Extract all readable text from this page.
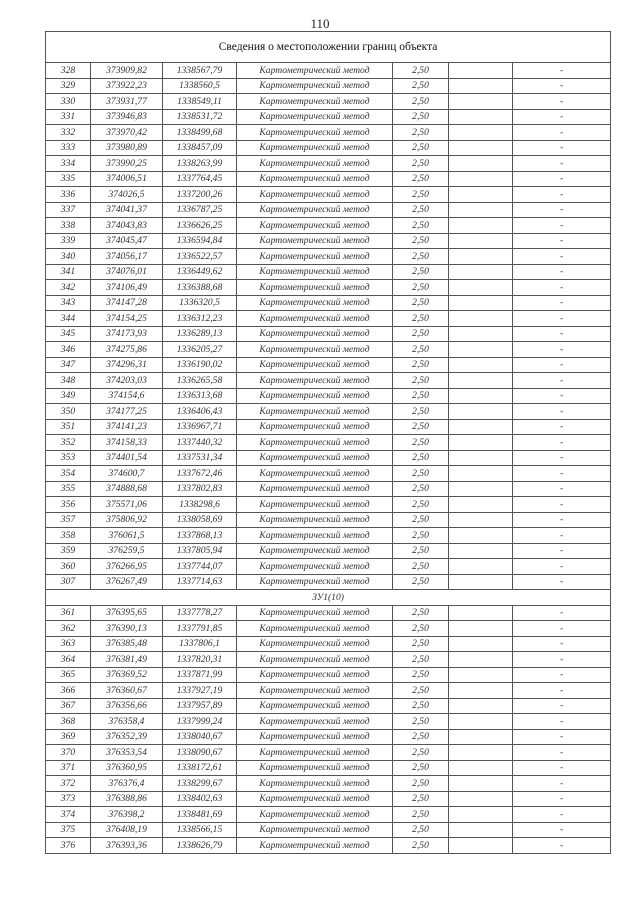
110
Сведения о местоположении границ объекта						
328	373909,82	1338567,79	Картометрический метод	2,50		-
329	373922,23	1338560,5	Картометрический метод	2,50		-
330	373931,77	1338549,11	Картометрический метод	2,50		-
331	373946,83	1338531,72	Картометрический метод	2,50		-
332	373970,42	1338499,68	Картометрический метод	2,50		-
333	373980,89	1338457,09	Картометрический метод	2,50		-
334	373990,25	1338263,99	Картометрический метод	2,50		-
335	374006,51	1337764,45	Картометрический метод	2,50		-
336	374026,5	1337200,26	Картометрический метод	2,50		-
337	374041,37	1336787,25	Картометрический метод	2,50		-
338	374043,83	1336626,25	Картометрический метод	2,50		-
339	374045,47	1336594,84	Картометрический метод	2,50		-
340	374056,17	1336522,57	Картометрический метод	2,50		-
341	374076,01	1336449,62	Картометрический метод	2,50		-
342	374106,49	1336388,68	Картометрический метод	2,50		-
343	374147,28	1336320,5	Картометрический метод	2,50		-
344	374154,25	1336312,23	Картометрический метод	2,50		-
345	374173,93	1336289,13	Картометрический метод	2,50		-
346	374275,86	1336205,27	Картометрический метод	2,50		-
347	374296,31	1336190,02	Картометрический метод	2,50		-
348	374203,03	1336265,58	Картометрический метод	2,50		-
349	374154,6	1336313,68	Картометрический метод	2,50		-
350	374177,25	1336406,43	Картометрический метод	2,50		-
351	374141,23	1336967,71	Картометрический метод	2,50		-
352	374158,33	1337440,32	Картометрический метод	2,50		-
353	374401,54	1337531,34	Картометрический метод	2,50		-
354	374600,7	1337672,46	Картометрический метод	2,50		-
355	374888,68	1337802,83	Картометрический метод	2,50		-
356	375571,06	1338298,6	Картометрический метод	2,50		-
357	375806,92	1338058,69	Картометрический метод	2,50		-
358	376061,5	1337868,13	Картометрический метод	2,50		-
359	376259,5	1337805,94	Картометрический метод	2,50		-
360	376266,95	1337744,07	Картометрический метод	2,50		-
307	376267,49	1337714,63	Картометрический метод	2,50		-
ЗУ1(10)						
361	376395,65	1337778,27	Картометрический метод	2,50		-
362	376390,13	1337791,85	Картометрический метод	2,50		-
363	376385,48	1337806,1	Картометрический метод	2,50		-
364	376381,49	1337820,31	Картометрический метод	2,50		-
365	376369,52	1337871,99	Картометрический метод	2,50		-
366	376360,67	1337927,19	Картометрический метод	2,50		-
367	376356,66	1337957,89	Картометрический метод	2,50		-
368	376358,4	1337999,24	Картометрический метод	2,50		-
369	376352,39	1338040,67	Картометрический метод	2,50		-
370	376353,54	1338090,67	Картометрический метод	2,50		-
371	376360,95	1338172,61	Картометрический метод	2,50		-
372	376376,4	1338299,67	Картометрический метод	2,50		-
373	376388,86	1338402,63	Картометрический метод	2,50		-
374	376398,2	1338481,69	Картометрический метод	2,50		-
375	376408,19	1338566,15	Картометрический метод	2,50		-
376	376393,36	1338626,79	Картометрический метод	2,50		-
